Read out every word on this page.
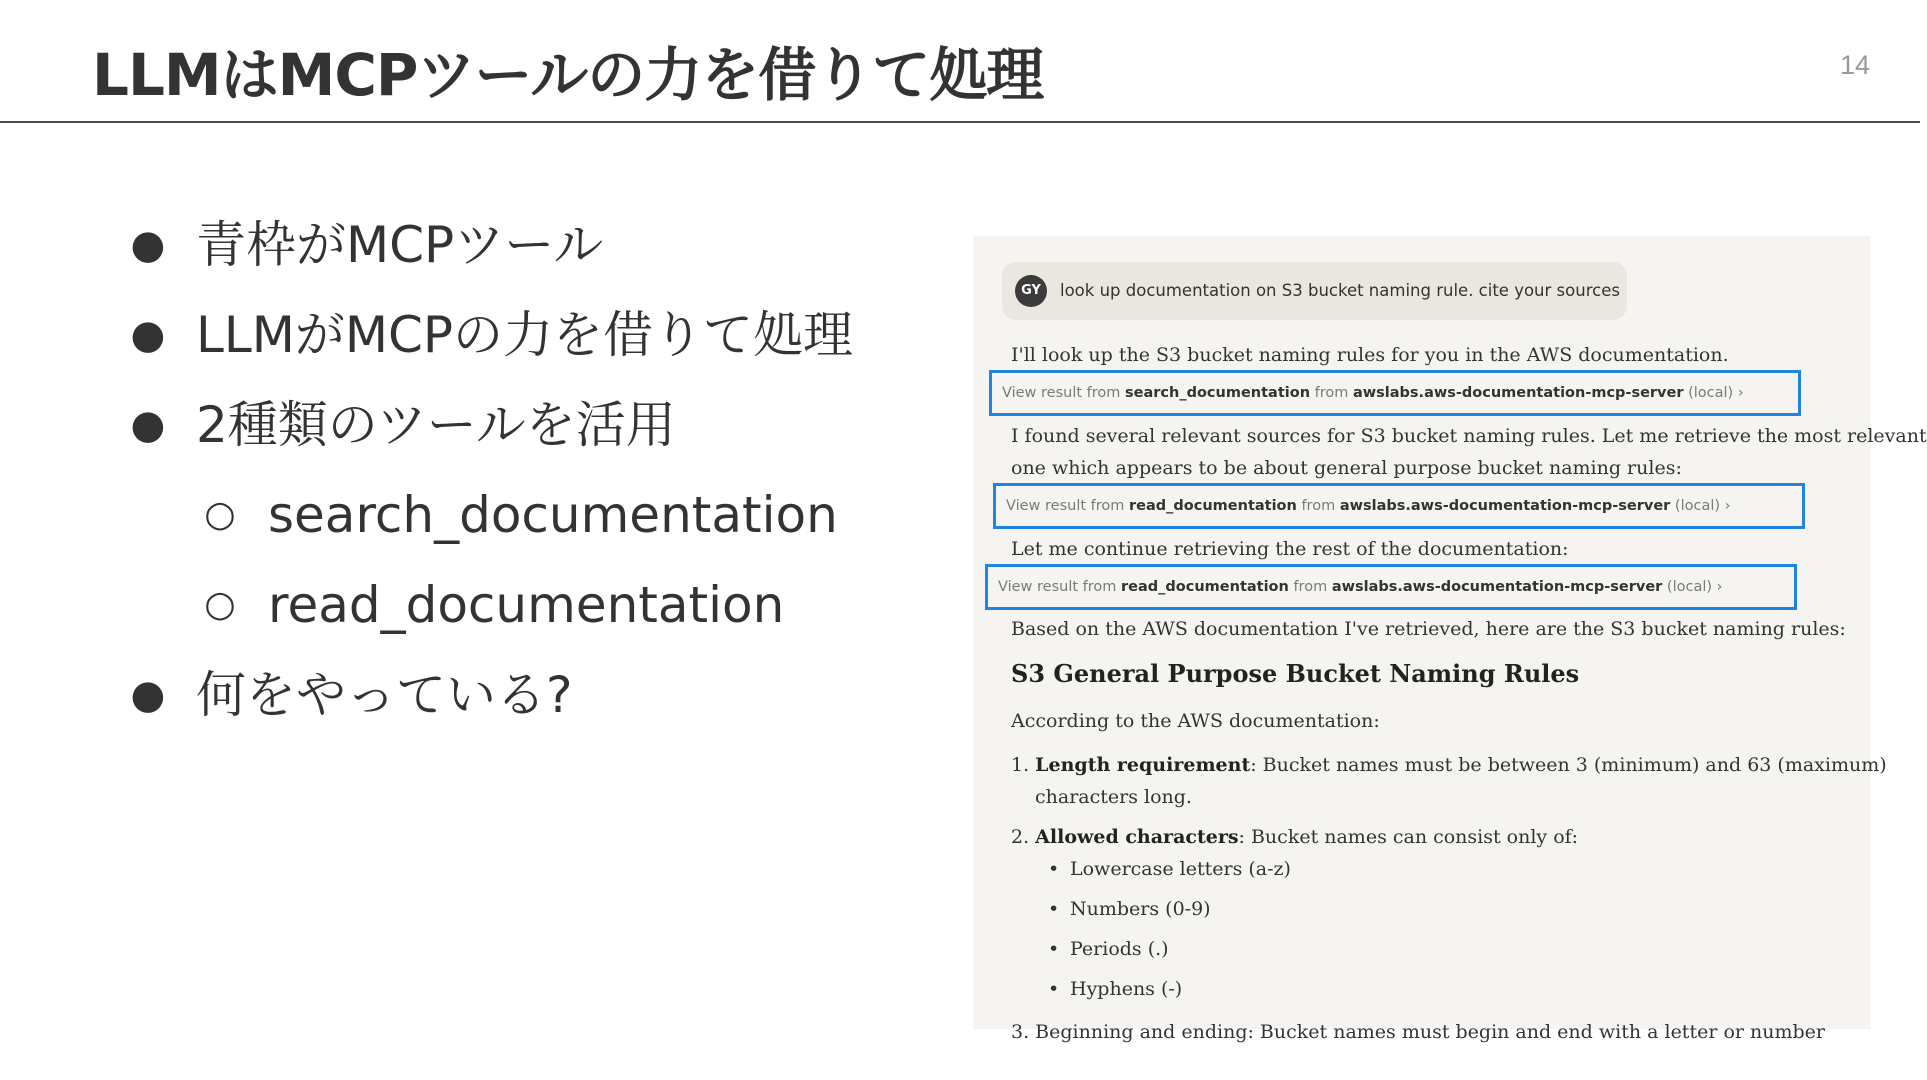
LLMはMCPツールの力を借りて処理	14
● 青枠がMCPツール
● LLMがMCPの力を借りて処理
● 2種類のツールを活用
○ search_documentation
○ read_documentation
● 何をやっている?
GY	look up documentation on S3 bucket naming rule. cite your sources
I'll look up the S3 bucket naming rules for you in the AWS documentation.
View result from search_documentation from awslabs.aws-documentation-mcp-server (local) ›
I found several relevant sources for S3 bucket naming rules. Let me retrieve the most relevant
one which appears to be about general purpose bucket naming rules:
View result from read_documentation from awslabs.aws-documentation-mcp-server (local) ›
Let me continue retrieving the rest of the documentation:
View result from read_documentation from awslabs.aws-documentation-mcp-server (local) ›
Based on the AWS documentation I've retrieved, here are the S3 bucket naming rules:
S3 General Purpose Bucket Naming Rules
According to the AWS documentation:
1. Length requirement: Bucket names must be between 3 (minimum) and 63 (maximum)
characters long.
2. Allowed characters: Bucket names can consist only of:
• Lowercase letters (a-z)
• Numbers (0-9)
• Periods (.)
• Hyphens (-)
3. Beginning and ending: Bucket names must begin and end with a letter or number
